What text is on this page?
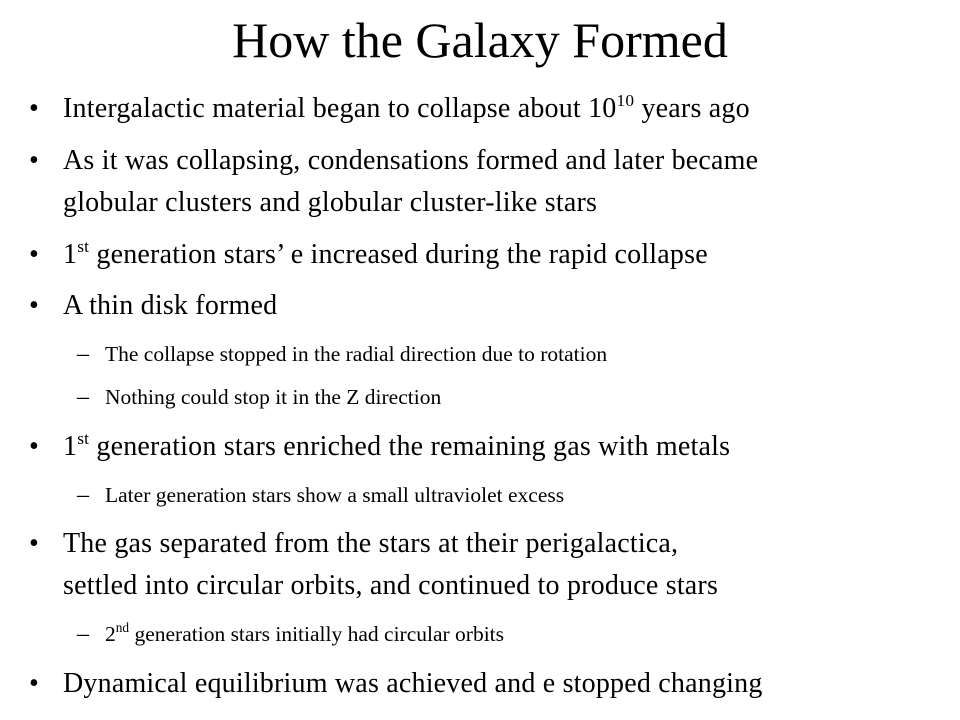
How the Galaxy Formed
• Intergalactic material began to collapse about $10^{10}$ years ago
• As it was collapsing, condensations formed and later became
globular clusters and globular cluster-like stars
• 1st generation stars’ e increased during the rapid collapse
• A thin disk formed
– The collapse stopped in the radial direction due to rotation
– Nothing could stop it in the Z direction
• 1st generation stars enriched the remaining gas with metals
– Later generation stars show a small ultraviolet excess
• The gas separated from the stars at their perigalactica,
settled into circular orbits, and continued to produce stars
– 2nd generation stars initially had circular orbits
• Dynamical equilibrium was achieved and e stopped changing
